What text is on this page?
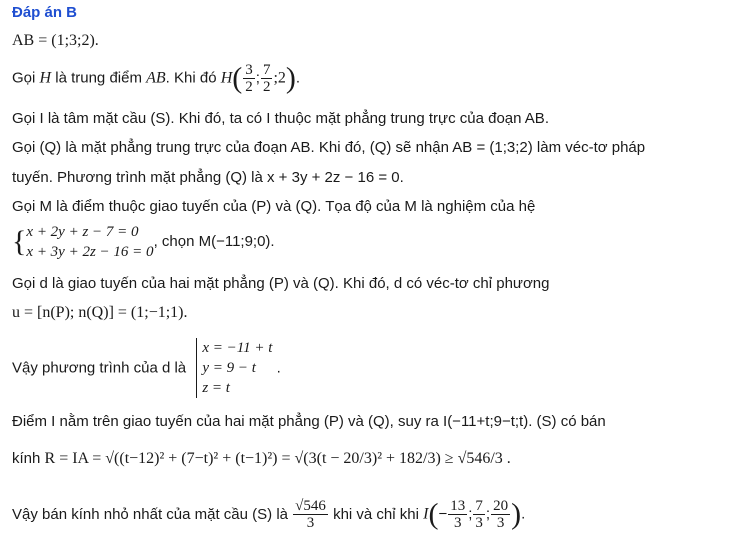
Đáp án B
AB = (1;3;2).
Gọi H là trung điểm AB. Khi đó $H( \frac{3}{2}$ ; $\frac{7}{2}$ ;2).
Gọi I là tâm mặt cầu (S). Khi đó, ta có I thuộc mặt phẳng trung trực của đoạn AB.
Gọi (Q) là mặt phẳng trung trực của đoạn AB. Khi đó, (Q) sẽ nhận AB = (1;3;2) làm véc-tơ pháp
tuyến. Phương trình mặt phẳng (Q) là x + 3y + 2z − 16 = 0.
Gọi M là điểm thuộc giao tuyến của (P) và (Q). Tọa độ của M là nghiệm của hệ
{ x + 2y + z − 7 = 0
x + 3y + 2z − 16 = 0
, chọn M(−11;9;0).
Gọi d là giao tuyến của hai mặt phẳng (P) và (Q). Khi đó, d có véc-tơ chỉ phương
u = [n(P); n(Q)] = (1;−1;1).
Vậy phương trình của d là
x = −11 + t
y = 9 − t
z = t
.
Điểm I nằm trên giao tuyến của hai mặt phẳng (P) và (Q), suy ra I(−11+t;9−t;t). (S) có bán
kính R = IA = √((t−12)² + (7−t)² + (t−1)²) = √(3(t − 20/3)² + 182/3) ≥ √546/3 .
Vậy bán kính nhỏ nhất của mặt cầu (S) là $\frac{√546}{3}$ khi và chỉ khi $I(- \frac{13}{3}$ ; $\frac{7}{3}$ ; $\frac{20}{3}$ ).
